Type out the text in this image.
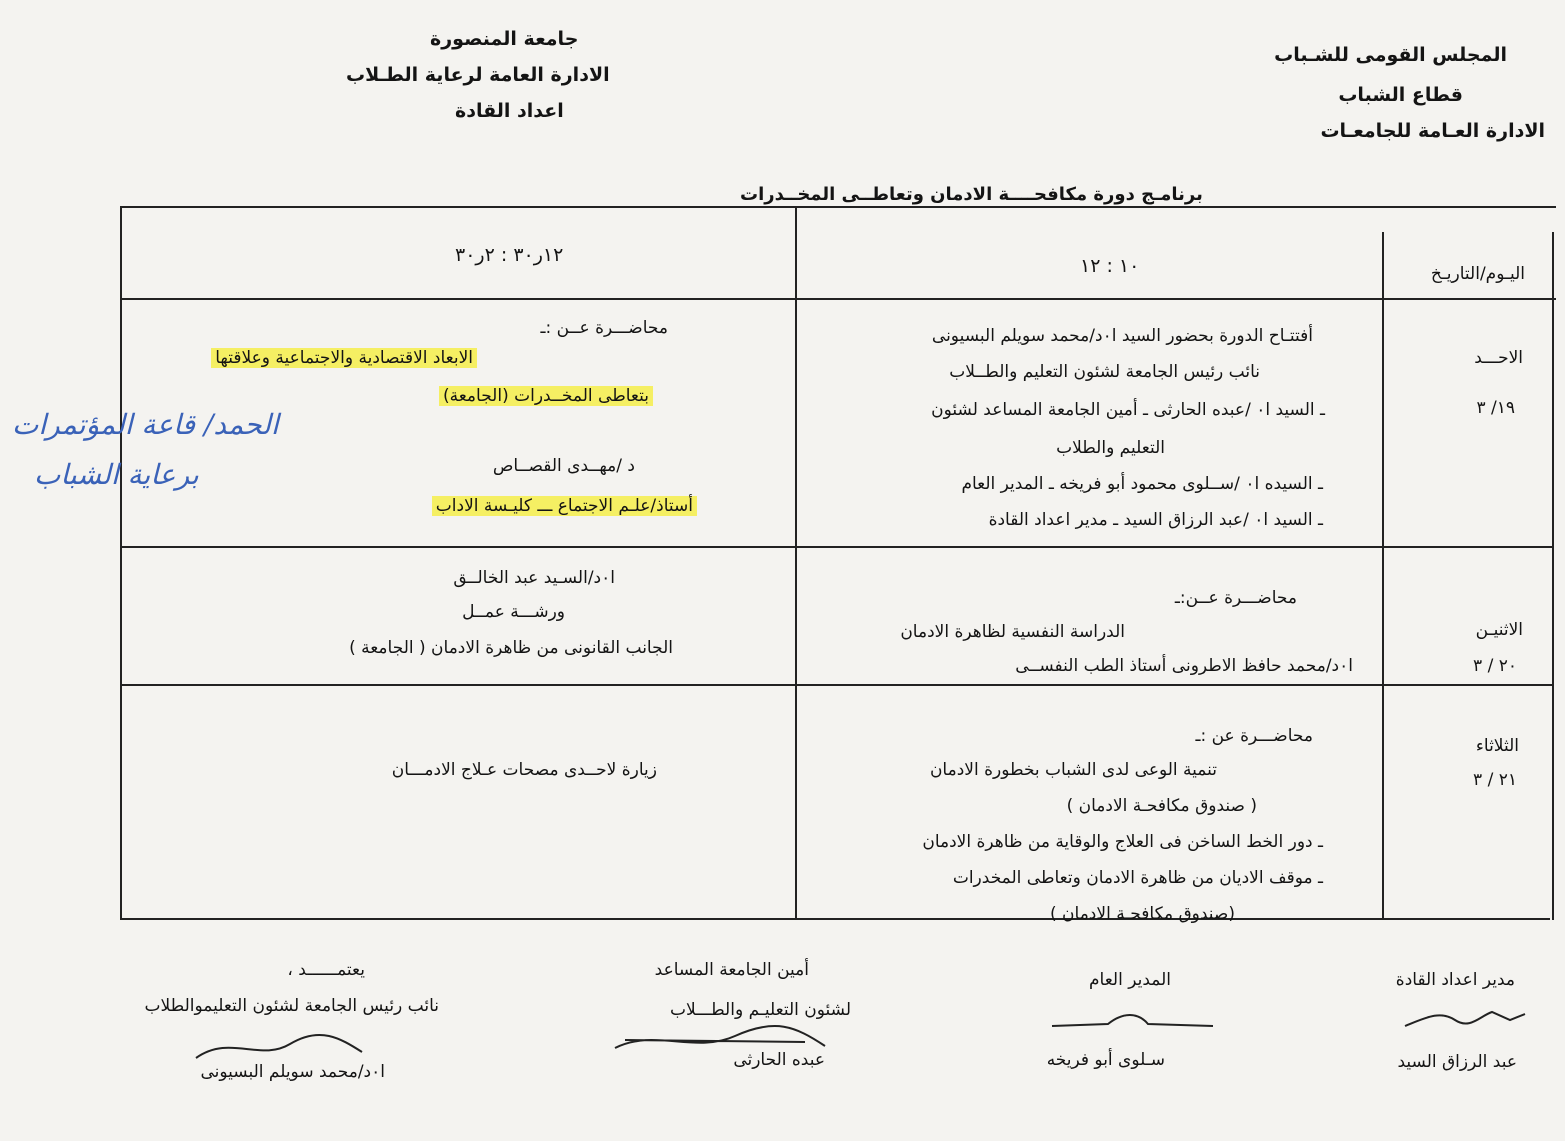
المجلس القومى للشـباب
قطاع الشباب
الادارة العـامة للجامعـات
جامعة المنصورة
الادارة العامة لرعاية الطـلاب
اعداد القادة
برنامـج دورة مكافحــــة الادمان وتعاطــى المخــدرات
اليـوم/التاريـخ
١٠ : ١٢
١٢ر٣٠ : ٢ر٣٠
الاحـــد
١٩/ ٣
أفتتـاح الدورة بحضور السيد ا٠د/محمد سويلم البسيونى
نائب رئيس الجامعة لشئون التعليم والطــلاب
ـ السيد ا٠ /عبده الحارثى ـ أمين الجامعة المساعد لشئون
التعليم والطلاب
ـ السيده ا٠ /ســلوى محمود أبو فريخه ـ المدير العام
ـ السيد ا٠ /عبد الرزاق السيد ـ مدير اعداد القادة
محاضـــرة عــن :ـ
الابعاد الاقتصادية والاجتماعية وعلاقتها
بتعاطى المخــدرات (الجامعة)
د /مهــدى القصــاص
أستاذ/علـم الاجتماع ـــ كليـسة الاداب
الحمد/ قاعة المؤتمرات
برعاية الشباب
الاثنيـن
٢٠ / ٣
محاضـــرة عــن:ـ
الدراسة النفسية لظاهرة الادمان
ا٠د/محمد حافظ الاطرونى أستاذ الطب النفســى
ا٠د/السـيد عبد الخالــق
ورشـــة عمــل
الجانب القانونى من ظاهرة الادمان ( الجامعة )
الثلاثاء
٢١ / ٣
محاضـــرة عن :ـ
تنمية الوعى لدى الشباب بخطورة الادمان
( صندوق مكافحـة الادمان )
ـ دور الخط الساخن فى العلاج والوقاية من ظاهرة الادمان
ـ موقف الاديان من ظاهرة الادمان وتعاطى المخدرات
(صندوق مكافحـة الادمان )
زيارة لاحــدى مصحات عـلاج الادمـــان
مدير اعداد القادة
عبد الرزاق السيد
المدير العام
سـلوى أبو فريخه
أمين الجامعة المساعد
لشئون التعليـم والطـــلاب
عبده الحارثى
يعتمــــــد ،
نائب رئيس الجامعة لشئون التعليموالطلاب
ا٠د/محمد سويلم البسيونى
